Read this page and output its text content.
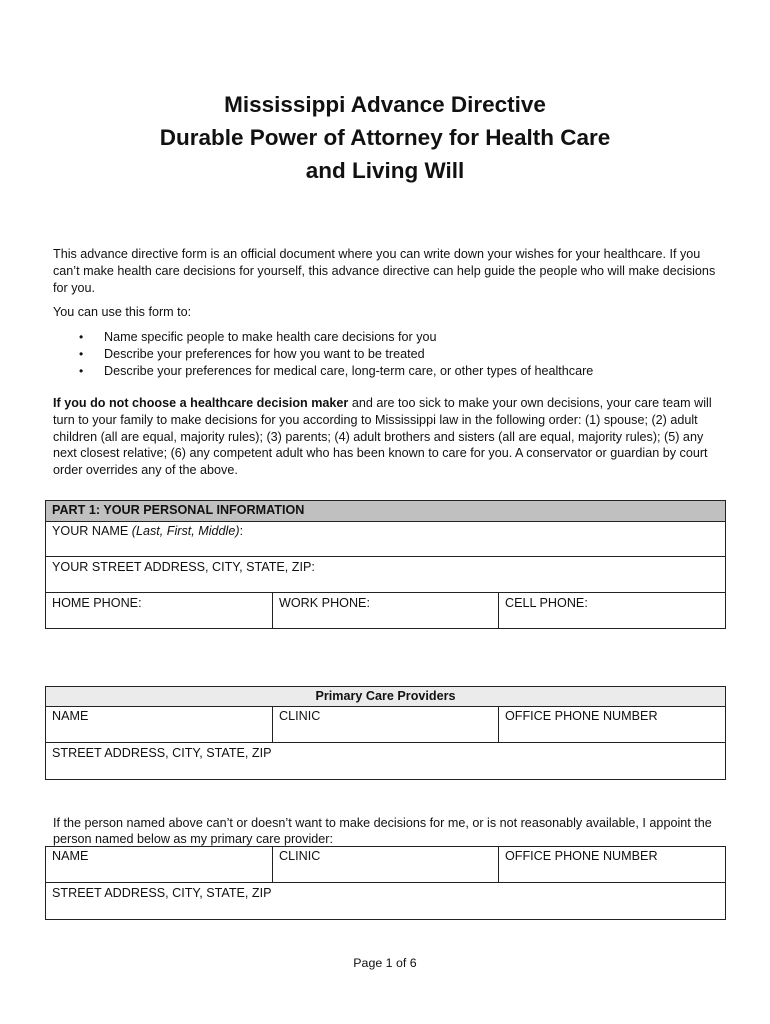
Mississippi Advance Directive
Durable Power of Attorney for Health Care
and Living Will
This advance directive form is an official document where you can write down your wishes for your healthcare. If you can’t make health care decisions for yourself, this advance directive can help guide the people who will make decisions for you.
You can use this form to:
• Name specific people to make health care decisions for you
• Describe your preferences for how you want to be treated
• Describe your preferences for medical care, long-term care, or other types of healthcare
If you do not choose a healthcare decision maker and are too sick to make your own decisions, your care team will turn to your family to make decisions for you according to Mississippi law in the following order: (1) spouse; (2) adult children (all are equal, majority rules); (3) parents; (4) adult brothers and sisters (all are equal, majority rules); (5) any next closest relative; (6) any competent adult who has been known to care for you. A conservator or guardian by court order overrides any of the above.
PART 1: YOUR PERSONAL INFORMATION
YOUR NAME (Last, First, Middle):
YOUR STREET ADDRESS, CITY, STATE, ZIP:
HOME PHONE:	WORK PHONE:	CELL PHONE:
Primary Care Providers
NAME	CLINIC	OFFICE PHONE NUMBER
STREET ADDRESS, CITY, STATE, ZIP
If the person named above can’t or doesn’t want to make decisions for me, or is not reasonably available, I appoint the person named below as my primary care provider:
NAME	CLINIC	OFFICE PHONE NUMBER
STREET ADDRESS, CITY, STATE, ZIP
Page 1 of 6
